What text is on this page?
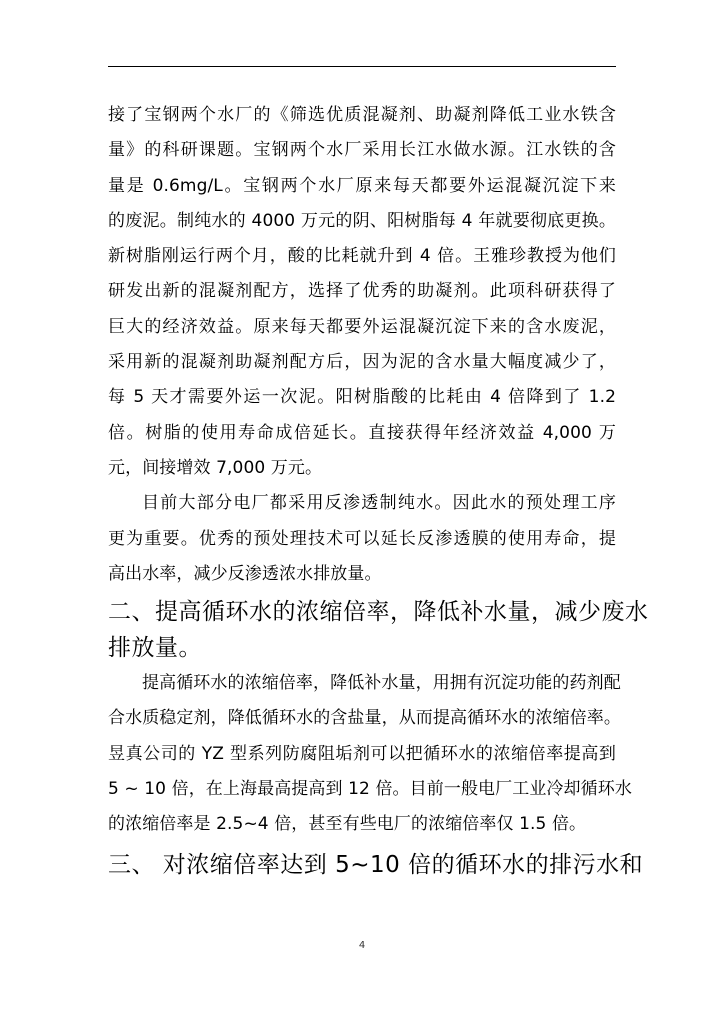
接了宝钢两个水厂的《筛选优质混凝剂、助凝剂降低工业水铁含

量》的科研课题。宝钢两个水厂采用长江水做水源。江水铁的含

量是 0.6mg/L。宝钢两个水厂原来每天都要外运混凝沉淀下来

的废泥。制纯水的 4000 万元的阴、阳树脂每 4 年就要彻底更换。

新树脂刚运行两个月，酸的比耗就升到 4 倍。王雅珍教授为他们

研发出新的混凝剂配方，选择了优秀的助凝剂。此项科研获得了

巨大的经济效益。原来每天都要外运混凝沉淀下来的含水废泥，

采用新的混凝剂助凝剂配方后，因为泥的含水量大幅度减少了，

每 5 天才需要外运一次泥。阳树脂酸的比耗由 4 倍降到了 1.2

倍。树脂的使用寿命成倍延长。直接获得年经济效益 4,000 万

元，间接增效 7,000 万元。

目前大部分电厂都采用反渗透制纯水。因此水的预处理工序

更为重要。优秀的预处理技术可以延长反渗透膜的使用寿命，提

高出水率，减少反渗透浓水排放量。

二、提高循环水的浓缩倍率，降低补水量，减少废水

排放量。

提高循环水的浓缩倍率，降低补水量，用拥有沉淀功能的药剂配

合水质稳定剂，降低循环水的含盐量，从而提高循环水的浓缩倍率。

昱真公司的 YZ 型系列防腐阻垢剂可以把循环水的浓缩倍率提高到

5 ~ 10 倍，在上海最高提高到 12 倍。目前一般电厂工业冷却循环水

的浓缩倍率是 2.5~4 倍，甚至有些电厂的浓缩倍率仅 1.5 倍。

三、 对浓缩倍率达到 5~10 倍的循环水的排污水和

4
